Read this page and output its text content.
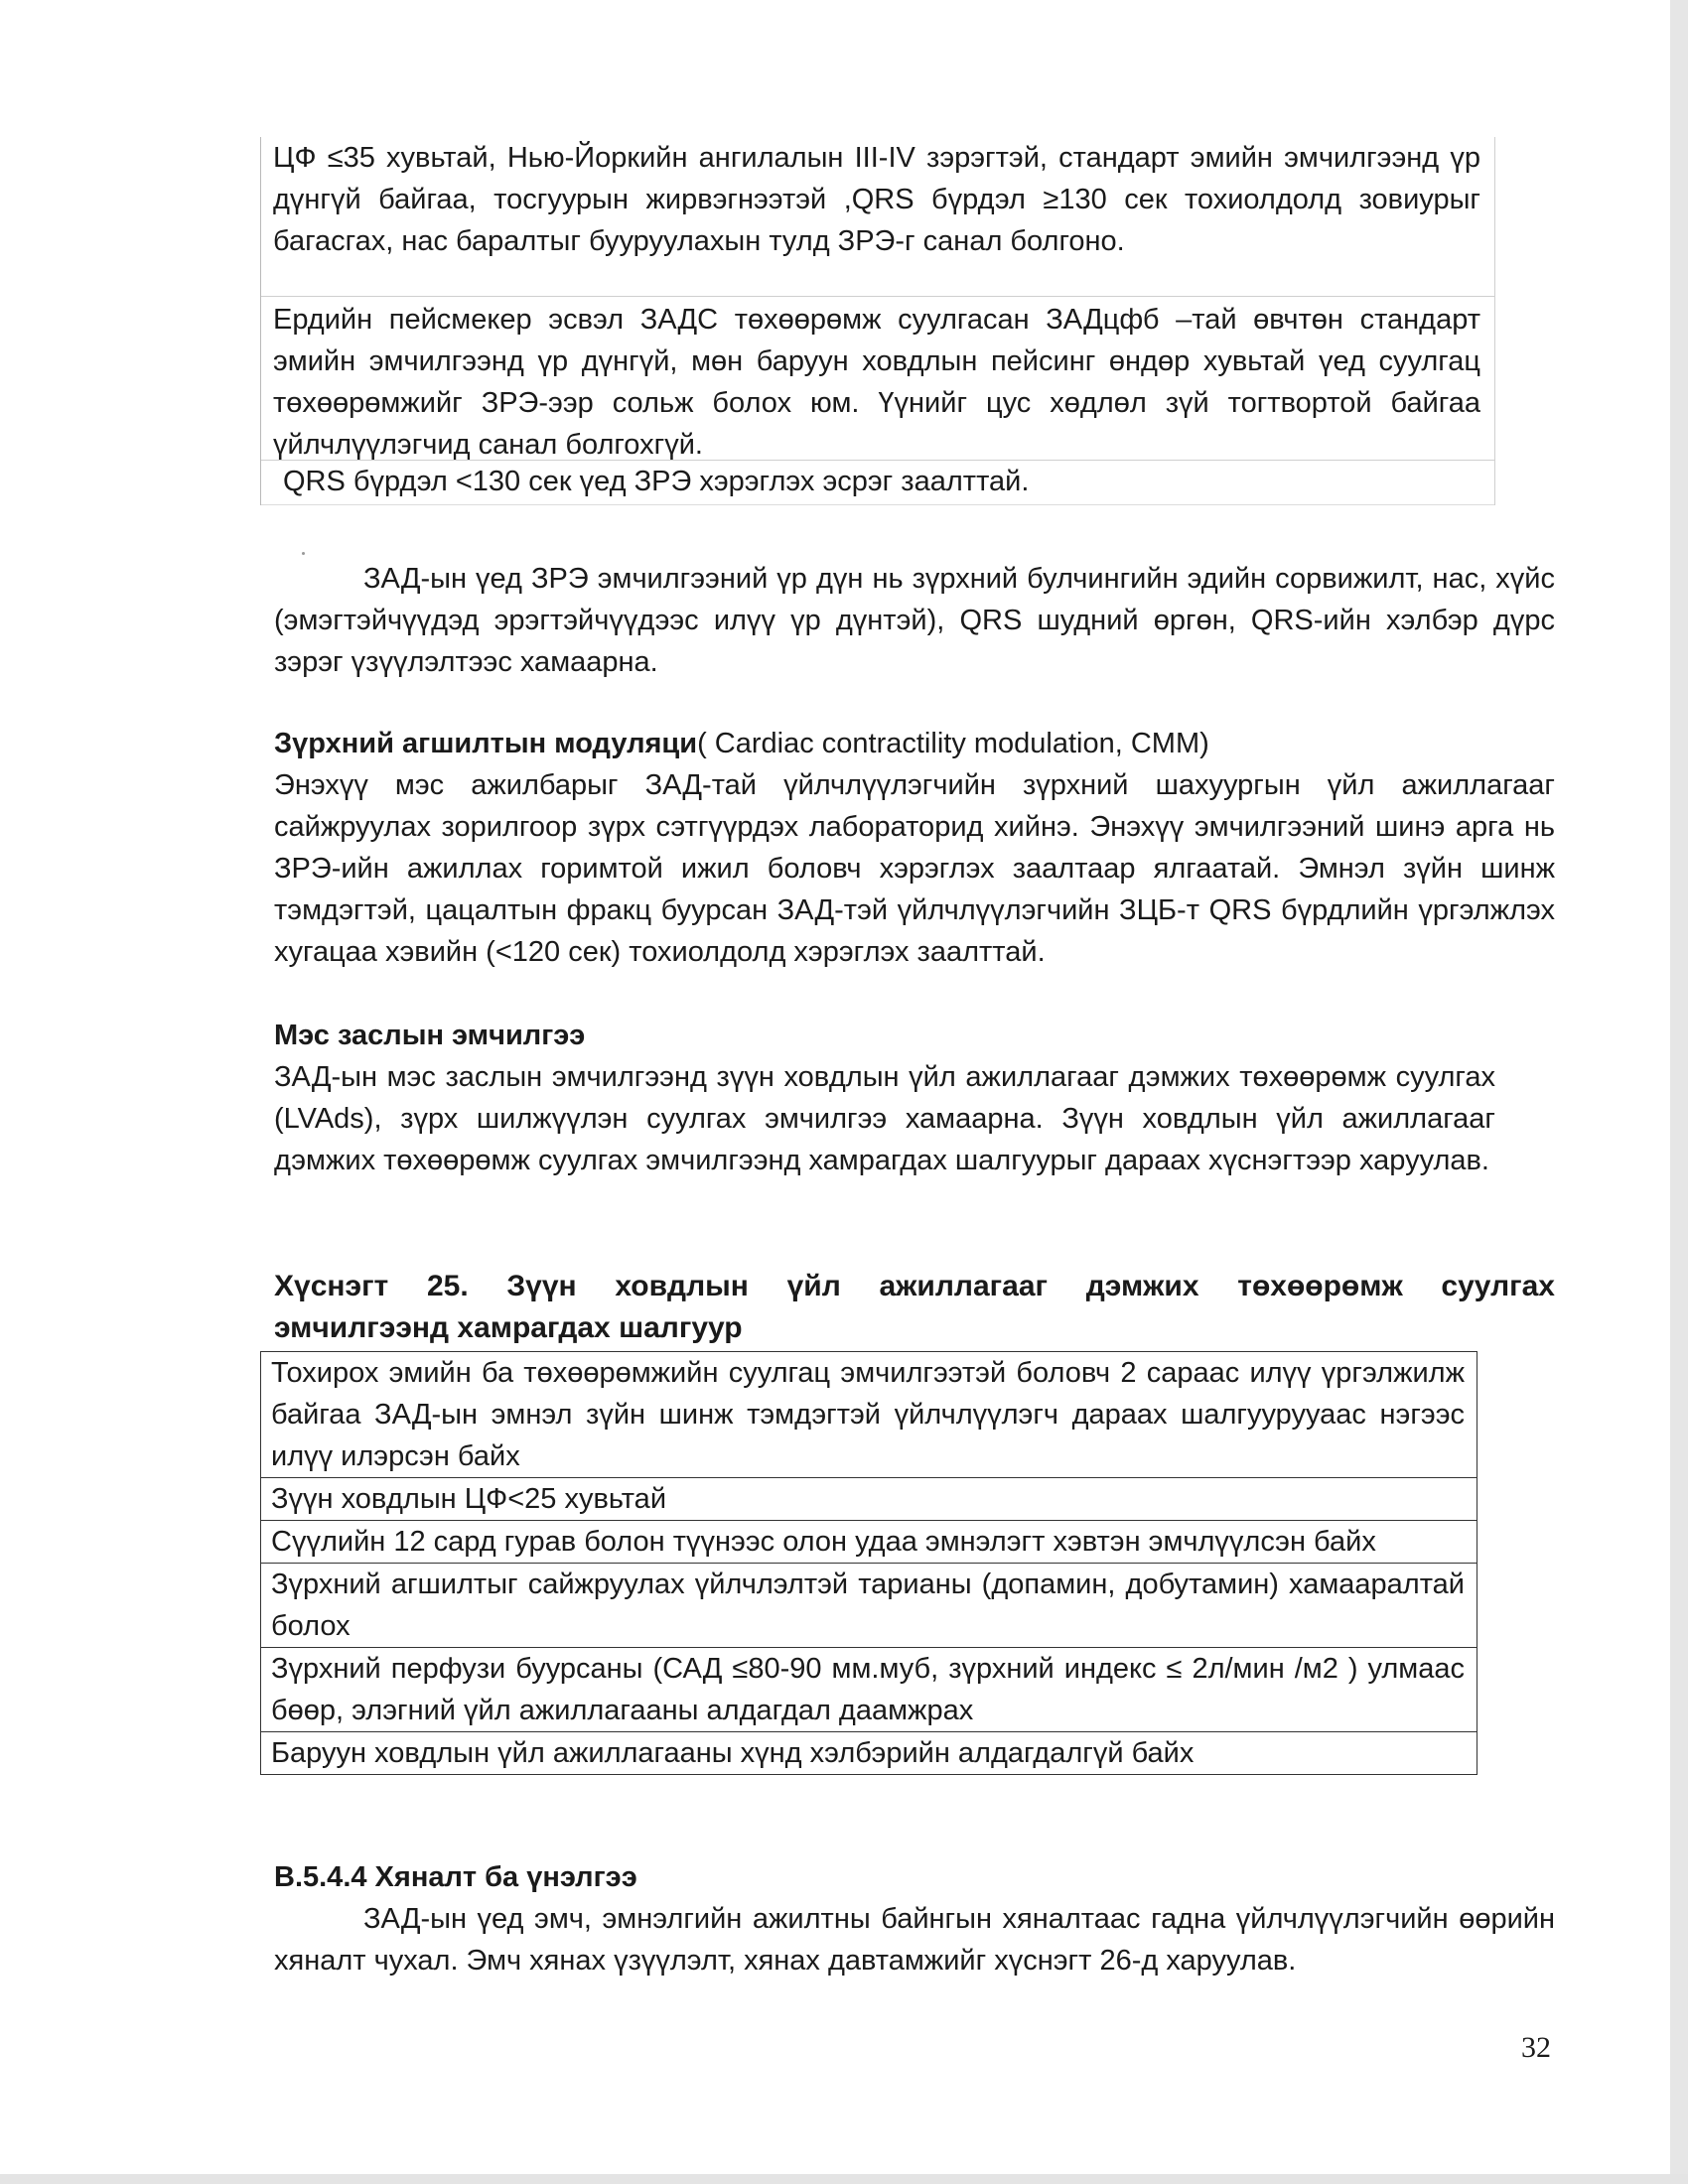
ЦФ ≤35 хувьтай, Нью-Йоркийн ангилалын III-IV зэрэгтэй, стандарт эмийн эмчилгээнд үр дүнгүй байгаа, тосгуурын жирвэгнээтэй ,QRS бүрдэл ≥130 сек тохиолдолд зовиурыг багасгах, нас баралтыг бууруулахын тулд ЗРЭ-г санал болгоно.
Ердийн пейсмекер эсвэл ЗАДС төхөөрөмж суулгасан ЗАДцфб –тай өвчтөн стандарт эмийн эмчилгээнд үр дүнгүй, мөн баруун ховдлын пейсинг өндөр хувьтай үед суулгац төхөөрөмжийг ЗРЭ-ээр сольж болох юм. Үүнийг цус хөдлөл зүй тогтвортой байгаа үйлчлүүлэгчид санал болгохгүй.
QRS бүрдэл <130 сек үед ЗРЭ хэрэглэх эсрэг заалттай.

ЗАД-ын үед ЗРЭ эмчилгээний үр дүн нь зүрхний булчингийн эдийн сорвижилт, нас, хүйс (эмэгтэйчүүдэд эрэгтэйчүүдээс илүү үр дүнтэй), QRS шудний өргөн, QRS-ийн хэлбэр дүрс зэрэг үзүүлэлтээс хамаарна.

Зүрхний агшилтын модуляци( Cardiac contractility modulation, CMM)

Энэхүү мэс ажилбарыг ЗАД-тай үйлчлүүлэгчийн зүрхний шахуургын үйл ажиллагааг сайжруулах зорилгоор зүрх сэтгүүрдэх лабораторид хийнэ. Энэхүү эмчилгээний шинэ арга нь ЗРЭ-ийн ажиллах горимтой ижил боловч хэрэглэх заалтаар ялгаатай. Эмнэл зүйн шинж тэмдэгтэй, цацалтын фракц буурсан ЗАД-тэй үйлчлүүлэгчийн ЗЦБ-т QRS бүрдлийн үргэлжлэх хугацаа хэвийн (<120 сек) тохиолдолд хэрэглэх заалттай.

Мэс заслын эмчилгээ

ЗАД-ын мэс заслын эмчилгээнд зүүн ховдлын үйл ажиллагааг дэмжих төхөөрөмж суулгах (LVAds), зүрх шилжүүлэн суулгах эмчилгээ хамаарна. Зүүн ховдлын үйл ажиллагааг дэмжих төхөөрөмж суулгах эмчилгээнд хамрагдах шалгуурыг дараах хүснэгтээр харуулав.

Хүснэгт 25. Зүүн ховдлын үйл ажиллагааг дэмжих төхөөрөмж суулгах
эмчилгээнд хамрагдах шалгуур
Тохирох эмийн ба төхөөрөмжийн суулгац эмчилгээтэй боловч 2 сараас илүү үргэлжилж байгаа ЗАД-ын эмнэл зүйн шинж тэмдэгтэй үйлчлүүлэгч дараах шалгуурууаас нэгээс илүү илэрсэн байх
Зүүн ховдлын ЦФ<25 хувьтай
Сүүлийн 12 сард гурав болон түүнээс олон удаа эмнэлэгт хэвтэн эмчлүүлсэн байх
Зүрхний агшилтыг сайжруулах үйлчлэлтэй тарианы (допамин, добутамин) хамааралтай болох
Зүрхний перфузи буурсаны (САД ≤80-90 мм.муб, зүрхний индекс ≤ 2л/мин /м2 ) улмаас бөөр, элэгний үйл ажиллагааны алдагдал даамжрах
Баруун ховдлын үйл ажиллагааны хүнд хэлбэрийн алдагдалгүй байх

В.5.4.4 Хяналт ба үнэлгээ

ЗАД-ын үед эмч, эмнэлгийн ажилтны байнгын хяналтаас гадна үйлчлүүлэгчийн өөрийн хяналт чухал. Эмч хянах үзүүлэлт, хянах давтамжийг хүснэгт 26-д харуулав.

32
